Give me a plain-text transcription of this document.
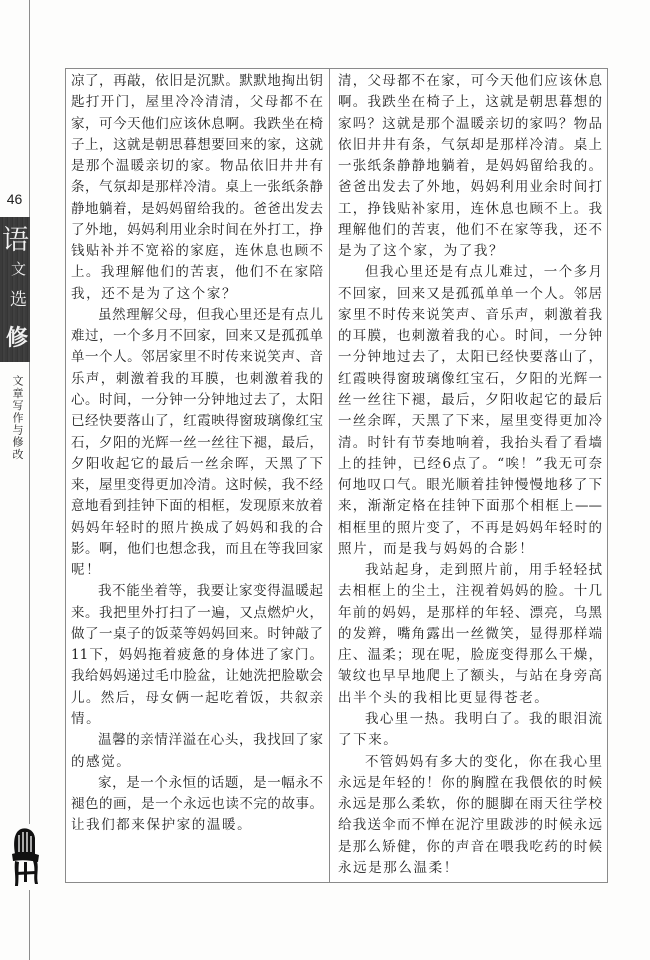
46
语
文
选
修
文章写作与修改
凉了，再敲，依旧是沉默。默默地掏出钥
匙打开门，屋里冷冷清清，父母都不在
家，可今天他们应该休息啊。我跌坐在椅
子上，这就是朝思暮想要回来的家，这就
是那个温暖亲切的家。物品依旧井井有
条，气氛却是那样冷清。桌上一张纸条静
静地躺着，是妈妈留给我的。爸爸出发去
了外地，妈妈利用业余时间在外打工，挣
钱贴补并不宽裕的家庭，连休息也顾不
上。我理解他们的苦衷，他们不在家陪
我，还不是为了这个家？
虽然理解父母，但我心里还是有点儿
难过，一个多月不回家，回来又是孤孤单
单一个人。邻居家里不时传来说笑声、音
乐声，刺激着我的耳膜，也刺激着我的
心。时间，一分钟一分钟地过去了，太阳
已经快要落山了，红霞映得窗玻璃像红宝
石，夕阳的光辉一丝一丝往下褪，最后，
夕阳收起它的最后一丝余晖，天黑了下
来，屋里变得更加冷清。这时候，我不经
意地看到挂钟下面的相框，发现原来放着
妈妈年轻时的照片换成了妈妈和我的合
影。啊，他们也想念我，而且在等我回家
呢！
我不能坐着等，我要让家变得温暖起
来。我把里外打扫了一遍，又点燃炉火，
做了一桌子的饭菜等妈妈回来。时钟敲了
11下，妈妈拖着疲惫的身体进了家门。
我给妈妈递过毛巾脸盆，让她洗把脸歇会
儿。然后，母女俩一起吃着饭，共叙亲
情。
温馨的亲情洋溢在心头，我找回了家
的感觉。
家，是一个永恒的话题，是一幅永不
褪色的画，是一个永远也读不完的故事。
让我们都来保护家的温暖。
清，父母都不在家，可今天他们应该休息
啊。我跌坐在椅子上，这就是朝思暮想的
家吗？这就是那个温暖亲切的家吗？物品
依旧井井有条，气氛却是那样冷清。桌上
一张纸条静静地躺着，是妈妈留给我的。
爸爸出发去了外地，妈妈利用业余时间打
工，挣钱贴补家用，连休息也顾不上。我
理解他们的苦衷，他们不在家等我，还不
是为了这个家，为了我？
但我心里还是有点儿难过，一个多月
不回家，回来又是孤孤单单一个人。邻居
家里不时传来说笑声、音乐声，刺激着我
的耳膜，也刺激着我的心。时间，一分钟
一分钟地过去了，太阳已经快要落山了，
红霞映得窗玻璃像红宝石，夕阳的光辉一
丝一丝往下褪，最后，夕阳收起它的最后
一丝余晖，天黑了下来，屋里变得更加冷
清。时针有节奏地响着，我抬头看了看墙
上的挂钟，已经6点了。“唉！”我无可奈
何地叹口气。眼光顺着挂钟慢慢地移了下
来，渐渐定格在挂钟下面那个相框上——
相框里的照片变了，不再是妈妈年轻时的
照片，而是我与妈妈的合影！
我站起身，走到照片前，用手轻轻拭
去相框上的尘土，注视着妈妈的脸。十几
年前的妈妈，是那样的年轻、漂亮，乌黑
的发辫，嘴角露出一丝微笑，显得那样端
庄、温柔；现在呢，脸庞变得那么干燥，
皱纹也早早地爬上了额头，与站在身旁高
出半个头的我相比更显得苍老。
我心里一热。我明白了。我的眼泪流
了下来。
不管妈妈有多大的变化，你在我心里
永远是年轻的！你的胸膛在我偎依的时候
永远是那么柔软，你的腿脚在雨天往学校
给我送伞而不惮在泥泞里跋涉的时候永远
是那么矫健，你的声音在喂我吃药的时候
永远是那么温柔！
